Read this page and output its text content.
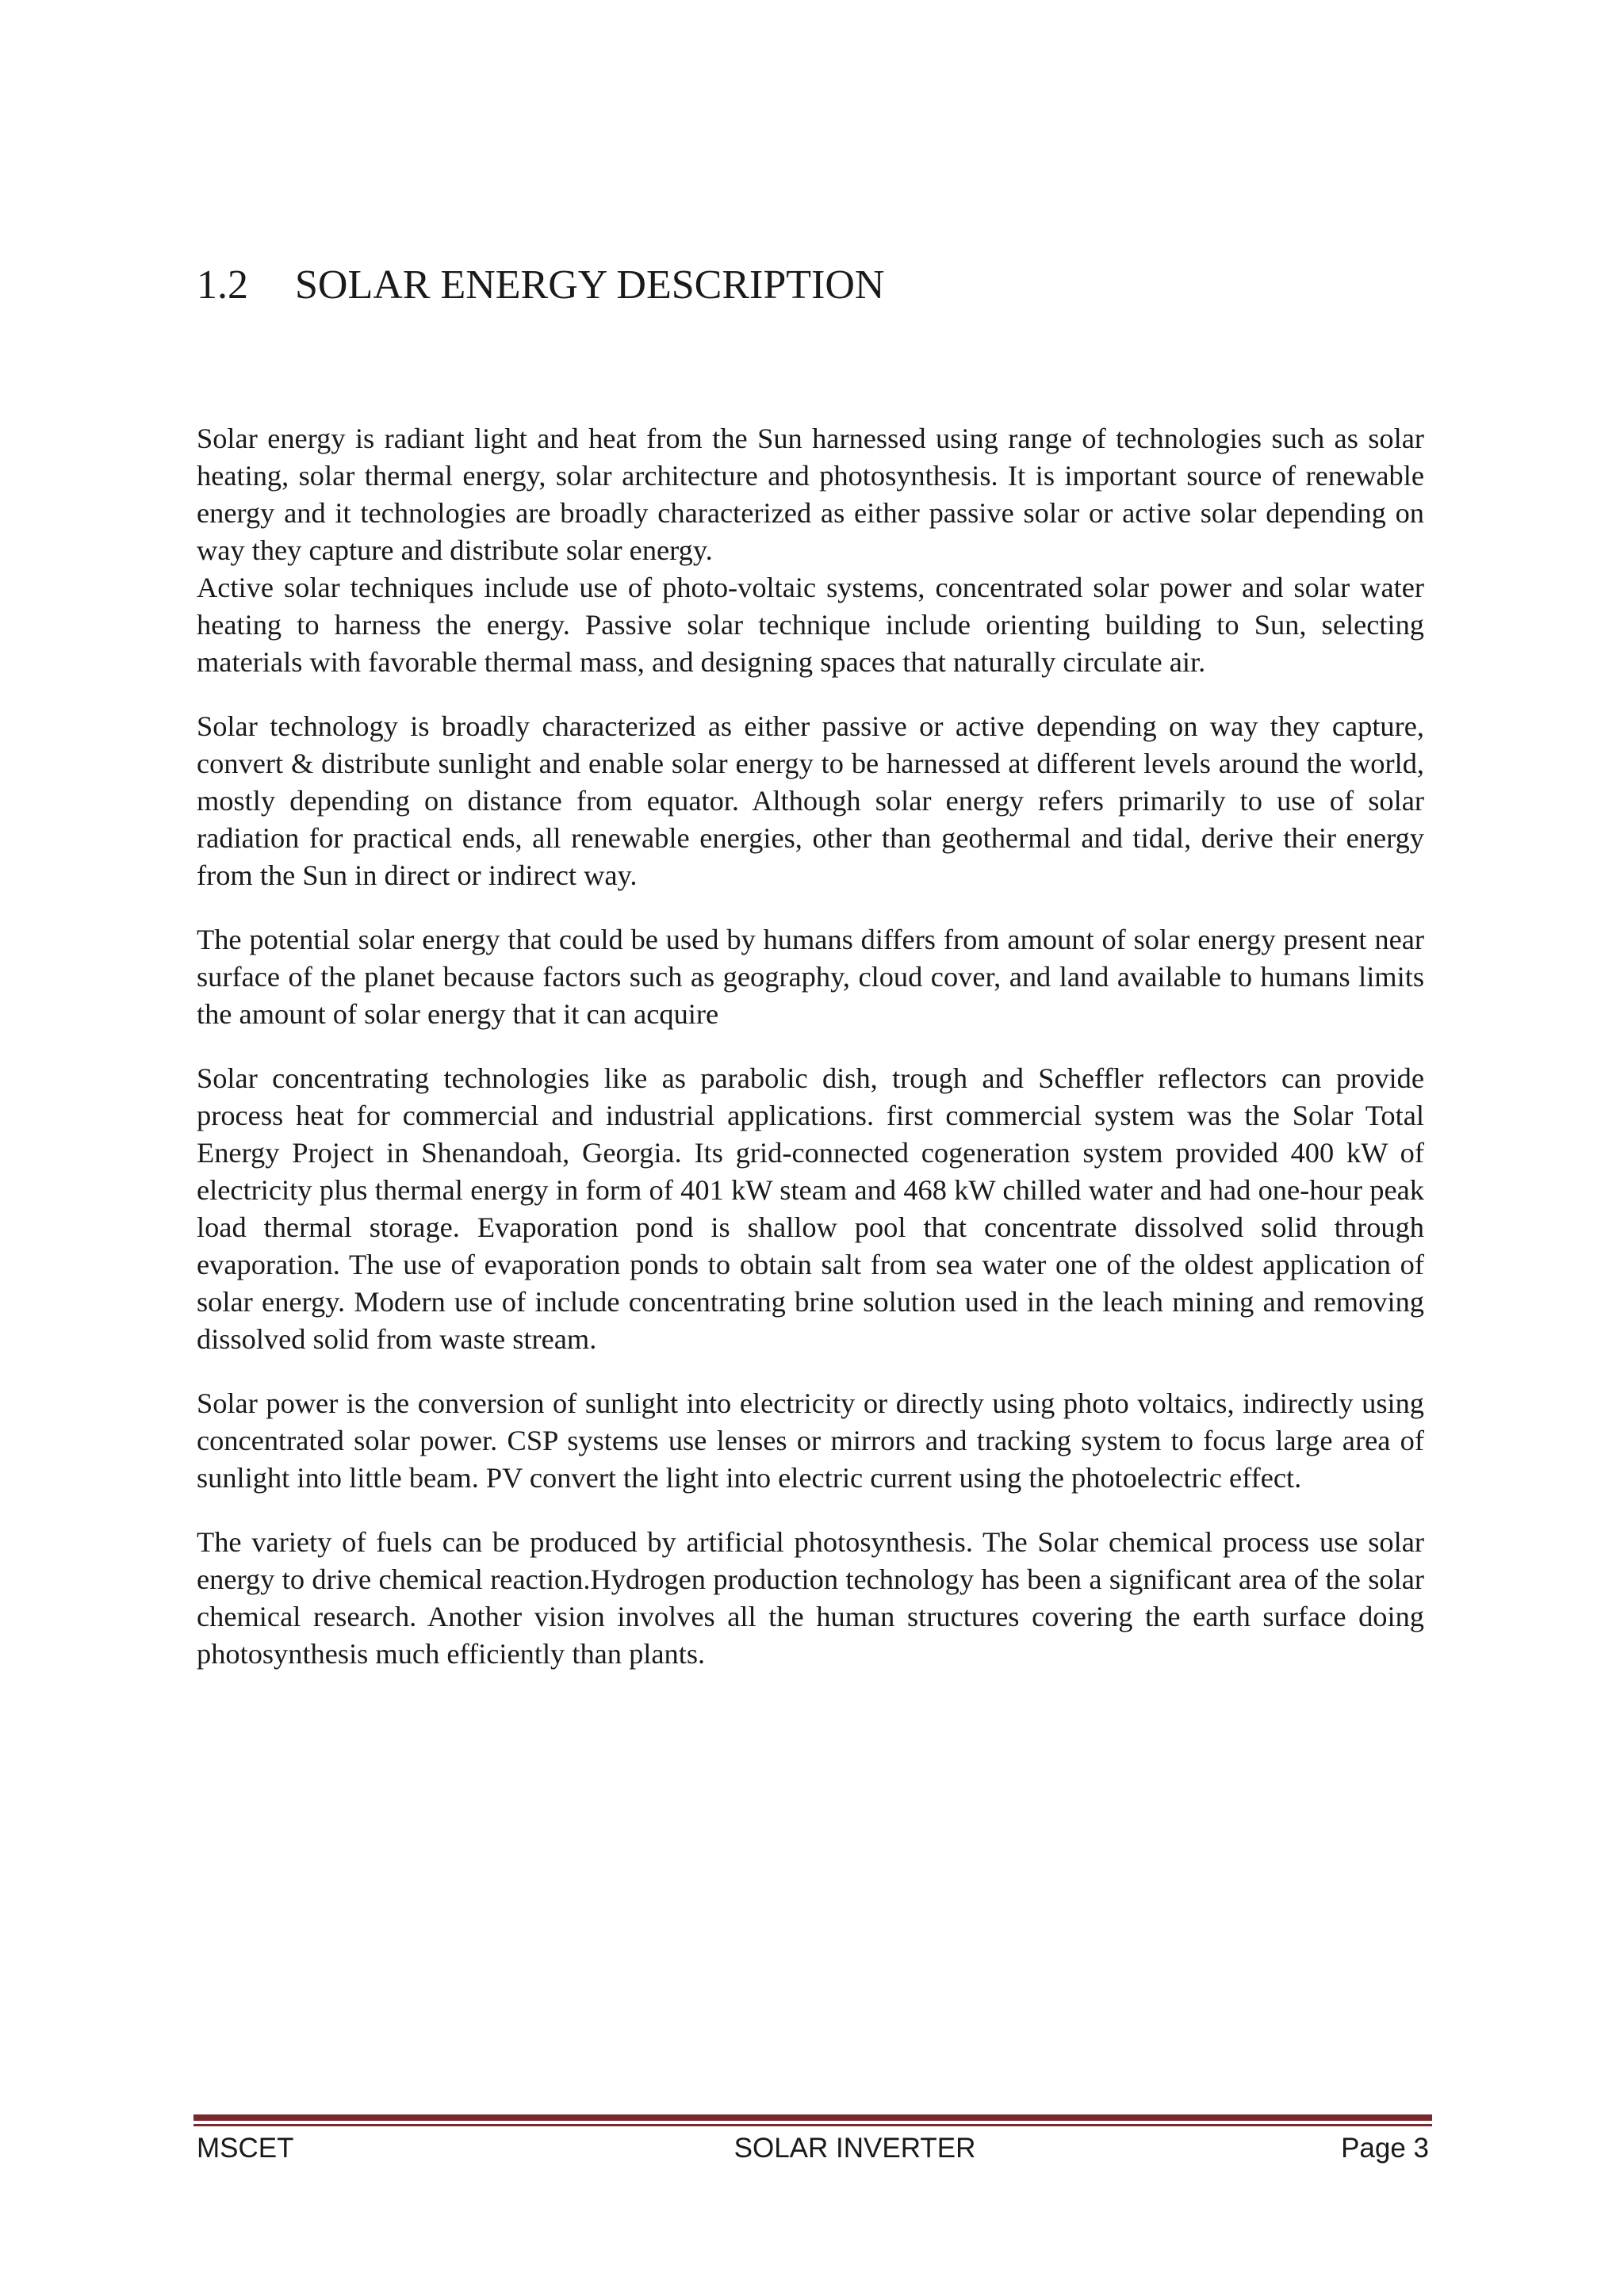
1.2 SOLAR ENERGY DESCRIPTION

Solar energy is radiant light and heat from the Sun harnessed using range of technologies such as solar heating, solar thermal energy, solar architecture and photosynthesis. It is important source of renewable energy and it technologies are broadly characterized as either passive solar or active solar depending on way they capture and distribute solar energy.

Active solar techniques include use of photo-voltaic systems, concentrated solar power and solar water heating to harness the energy. Passive solar technique include orienting building to Sun, selecting materials with favorable thermal mass, and designing spaces that naturally circulate air.

Solar technology is broadly characterized as either passive or active depending on way they capture, convert & distribute sunlight and enable solar energy to be harnessed at different levels around the world, mostly depending on distance from equator. Although solar energy refers primarily to use of solar radiation for practical ends, all renewable energies, other than geothermal and tidal, derive their energy from the Sun in direct or indirect way.

The potential solar energy that could be used by humans differs from amount of solar energy present near surface of the planet because factors such as geography, cloud cover, and land available to humans limits the amount of solar energy that it can acquire

Solar concentrating technologies like as parabolic dish, trough and Scheffler reflectors can provide process heat for commercial and industrial applications. first commercial system was the Solar Total Energy Project in Shenandoah, Georgia. Its grid-connected cogeneration system provided 400 kW of electricity plus thermal energy in form of 401 kW steam and 468 kW chilled water and had one-hour peak load thermal storage. Evaporation pond is shallow pool that concentrate dissolved solid through evaporation. The use of evaporation ponds to obtain salt from sea water one of the oldest application of solar energy. Modern use of include concentrating brine solution used in the leach mining and removing dissolved solid from waste stream.

Solar power is the conversion of sunlight into electricity or directly using photo voltaics, indirectly using concentrated solar power. CSP systems use lenses or mirrors and tracking system to focus large area of sunlight into little beam. PV convert the light into electric current using the photoelectric effect.

The variety of fuels can be produced by artificial photosynthesis. The Solar chemical process use solar energy to drive chemical reaction.Hydrogen production technology has been a significant area of the solar chemical research. Another vision involves all the human structures covering the earth surface doing photosynthesis much efficiently than plants.

MSCET	SOLAR INVERTER	Page 3
